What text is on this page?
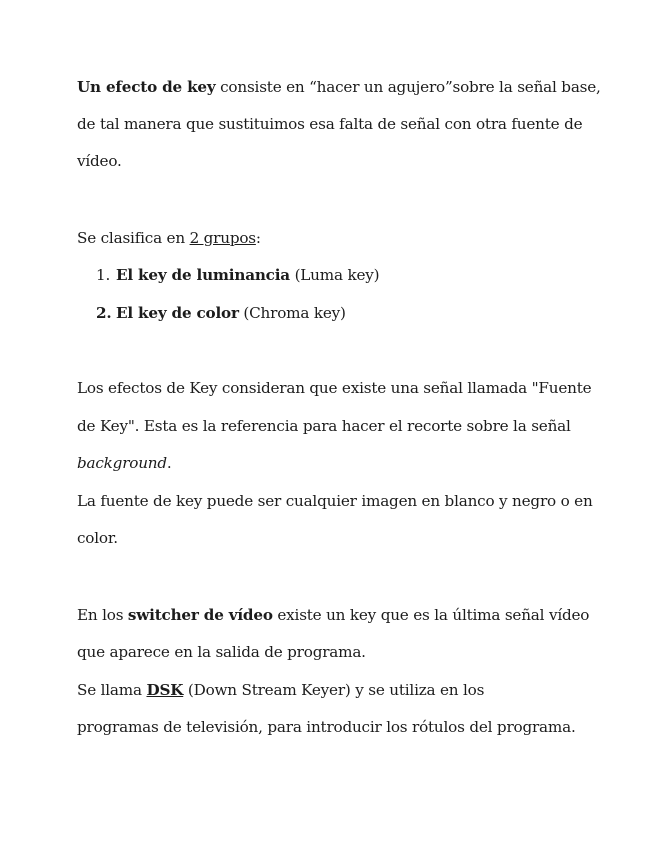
Un efecto de key consiste en “hacer un agujero”sobre la señal base,
de tal manera que sustituimos esa falta de señal con otra fuente de
vídeo.
Se clasifica en 2 grupos:
1. El key de luminancia (Luma key)
2. El key de color (Chroma key)
Los efectos de Key consideran que existe una señal llamada "Fuente
de Key". Esta es la referencia para hacer el recorte sobre la señal
background.
La fuente de key puede ser cualquier imagen en blanco y negro o en
color.
En los switcher de vídeo existe un key que es la última señal vídeo
que aparece en la salida de programa.
Se llama DSK (Down Stream Keyer) y se utiliza en los
programas de televisión, para introducir los rótulos del programa.
